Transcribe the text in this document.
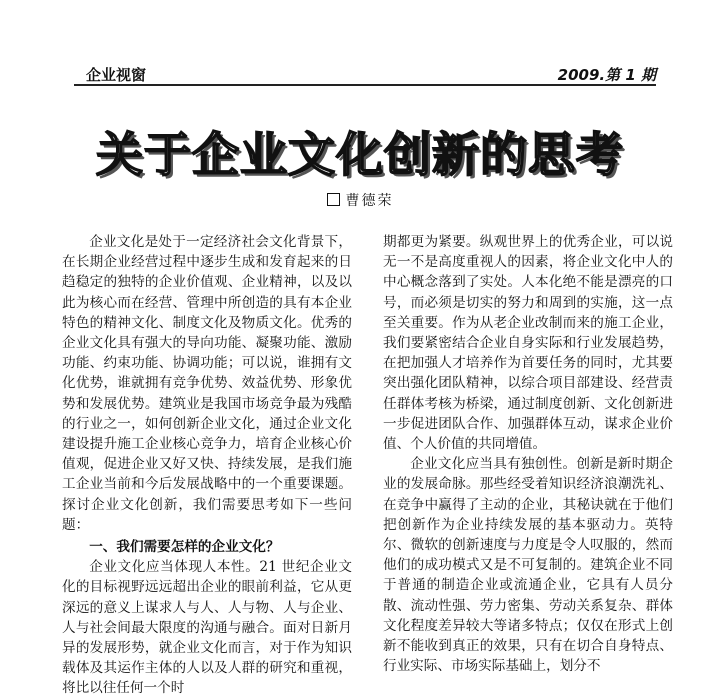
企业视窗	2009.第 1 期
关于企业文化创新的思考
曹德荣

企业文化是处于一定经济社会文化背景下，在长期企业经营过程中逐步生成和发育起来的日趋稳定的独特的企业价值观、企业精神，以及以此为核心而在经营、管理中所创造的具有本企业特色的精神文化、制度文化及物质文化。优秀的企业文化具有强大的导向功能、凝聚功能、激励功能、约束功能、协调功能；可以说，谁拥有文化优势，谁就拥有竞争优势、效益优势、形象优势和发展优势。建筑业是我国市场竞争最为残酷的行业之一，如何创新企业文化，通过企业文化建设提升施工企业核心竞争力，培育企业核心价值观，促进企业又好又快、持续发展，是我们施工企业当前和今后发展战略中的一个重要课题。探讨企业文化创新，我们需要思考如下一些问题：

一、我们需要怎样的企业文化？

企业文化应当体现人本性。21 世纪企业文化的目标视野远远超出企业的眼前利益，它从更深远的意义上谋求人与人、人与物、人与企业、人与社会间最大限度的沟通与融合。面对日新月异的发展形势，就企业文化而言，对于作为知识载体及其运作主体的人以及人群的研究和重视，将比以往任何一个时

期都更为紧要。纵观世界上的优秀企业，可以说无一不是高度重视人的因素，将企业文化中人的中心概念落到了实处。人本化绝不能是漂亮的口号，而必须是切实的努力和周到的实施，这一点至关重要。作为从老企业改制而来的施工企业，我们要紧密结合企业自身实际和行业发展趋势，在把加强人才培养作为首要任务的同时，尤其要突出强化团队精神，以综合项目部建设、经营责任群体考核为桥梁，通过制度创新、文化创新进一步促进团队合作、加强群体互动，谋求企业价值、个人价值的共同增值。

企业文化应当具有独创性。创新是新时期企业的发展命脉。那些经受着知识经济浪潮洗礼、在竞争中赢得了主动的企业，其秘诀就在于他们把创新作为企业持续发展的基本驱动力。英特尔、微软的创新速度与力度是令人叹服的，然而他们的成功模式又是不可复制的。建筑企业不同于普通的制造企业或流通企业，它具有人员分散、流动性强、劳力密集、劳动关系复杂、群体文化程度差异较大等诸多特点；仅仅在形式上创新不能收到真正的效果，只有在切合自身特点、行业实际、市场实际基础上，划分不
